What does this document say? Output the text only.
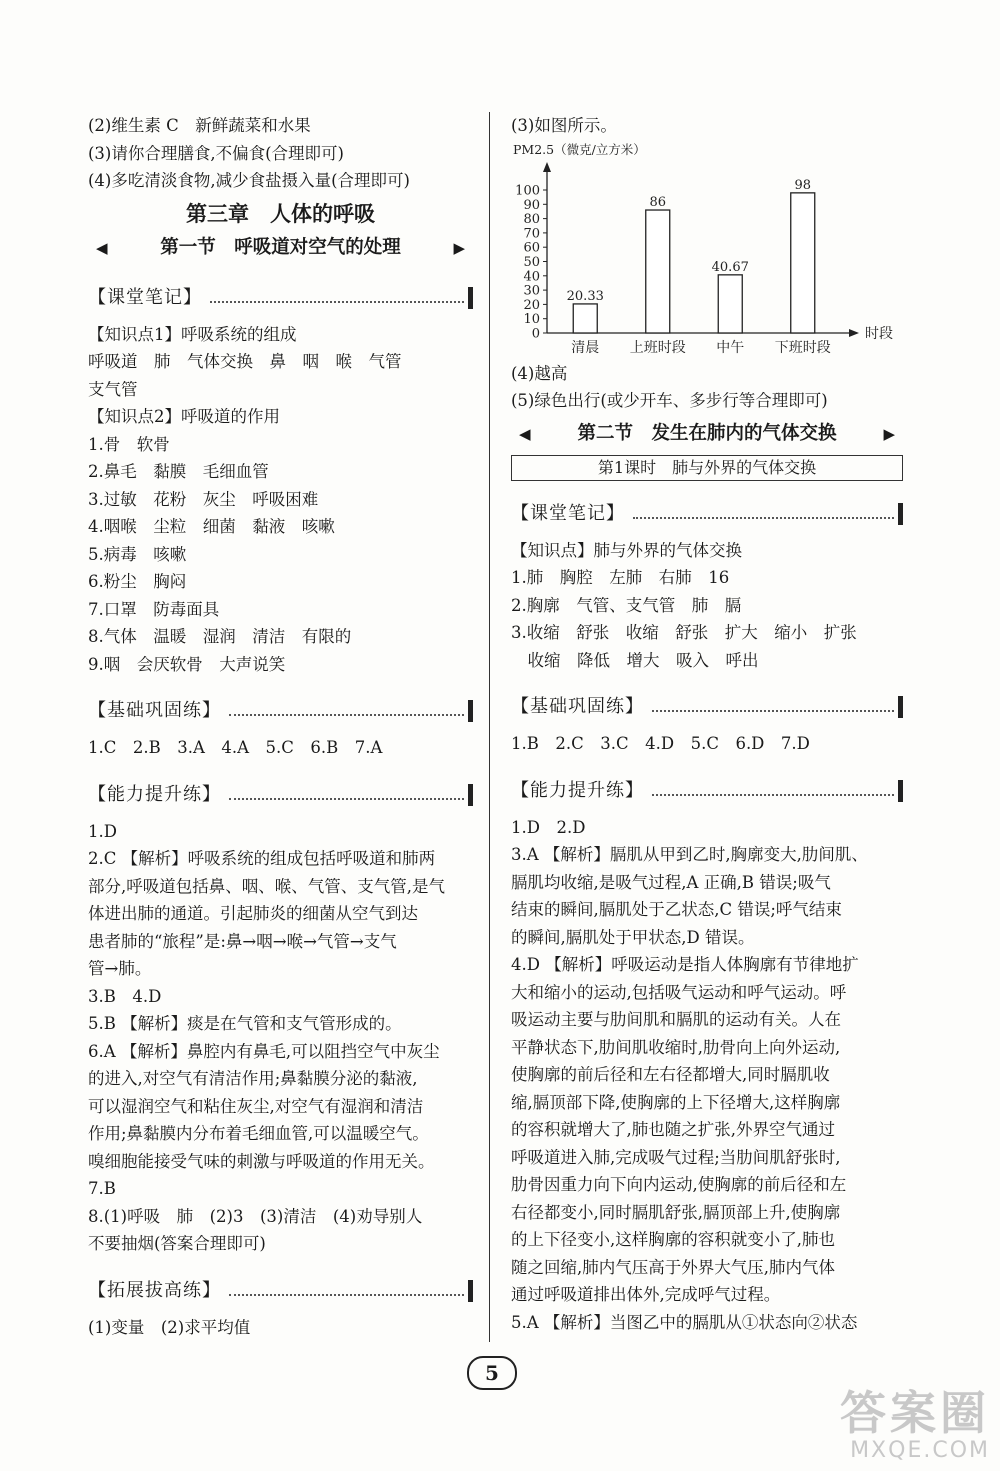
(2)维生素 C　新鲜蔬菜和水果
(3)请你合理膳食,不偏食(合理即可)
(4)多吃清淡食物,减少食盐摄入量(合理即可)
第三章　人体的呼吸
◀	第一节　呼吸道对空气的处理	▶
【课堂笔记】
【知识点1】呼吸系统的组成
呼吸道　肺　气体交换　鼻　咽　喉　气管
支气管
【知识点2】呼吸道的作用
1.骨　软骨
2.鼻毛　黏膜　毛细血管
3.过敏　花粉　灰尘　呼吸困难
4.咽喉　尘粒　细菌　黏液　咳嗽
5.病毒　咳嗽
6.粉尘　胸闷
7.口罩　防毒面具
8.气体　温暖　湿润　清洁　有限的
9.咽　会厌软骨　大声说笑
【基础巩固练】
1.C　2.B　3.A　4.A　5.C　6.B　7.A
【能力提升练】
1.D
2.C 【解析】呼吸系统的组成包括呼吸道和肺两
部分,呼吸道包括鼻、咽、喉、气管、支气管,是气
体进出肺的通道。引起肺炎的细菌从空气到达
患者肺的“旅程”是:鼻→咽→喉→气管→支气
管→肺。
3.B　4.D
5.B 【解析】痰是在气管和支气管形成的。
6.A 【解析】鼻腔内有鼻毛,可以阻挡空气中灰尘
的进入,对空气有清洁作用;鼻黏膜分泌的黏液,
可以湿润空气和粘住灰尘,对空气有湿润和清洁
作用;鼻黏膜内分布着毛细血管,可以温暖空气。
嗅细胞能接受气味的刺激与呼吸道的作用无关。
7.B
8.(1)呼吸　肺　(2)3　(3)清洁　(4)劝导别人
不要抽烟(答案合理即可)
【拓展拔高练】
(1)变量　(2)求平均值
(3)如图所示。
PM2.5（微克/立方米）
时段
0
10
20
30
40
50
60
70
80
90
100
20.33
清晨
86
上班时段
40.67
中午
98
下班时段
(4)越高
(5)绿色出行(或少开车、多步行等合理即可)
◀	第二节　发生在肺内的气体交换	▶
第1课时　肺与外界的气体交换
【课堂笔记】
【知识点】肺与外界的气体交换
1.肺　胸腔　左肺　右肺　16
2.胸廓　气管、支气管　肺　膈
3.收缩　舒张　收缩　舒张　扩大　缩小　扩张
　收缩　降低　增大　吸入　呼出
【基础巩固练】
1.B　2.C　3.C　4.D　5.C　6.D　7.D
【能力提升练】
1.D　2.D
3.A 【解析】膈肌从甲到乙时,胸廓变大,肋间肌、
膈肌均收缩,是吸气过程,A 正确,B 错误;吸气
结束的瞬间,膈肌处于乙状态,C 错误;呼气结束
的瞬间,膈肌处于甲状态,D 错误。
4.D 【解析】呼吸运动是指人体胸廓有节律地扩
大和缩小的运动,包括吸气运动和呼气运动。呼
吸运动主要与肋间肌和膈肌的运动有关。人在
平静状态下,肋间肌收缩时,肋骨向上向外运动,
使胸廓的前后径和左右径都增大,同时膈肌收
缩,膈顶部下降,使胸廓的上下径增大,这样胸廓
的容积就增大了,肺也随之扩张,外界空气通过
呼吸道进入肺,完成吸气过程;当肋间肌舒张时,
肋骨因重力向下向内运动,使胸廓的前后径和左
右径都变小,同时膈肌舒张,膈顶部上升,使胸廓
的上下径变小,这样胸廓的容积就变小了,肺也
随之回缩,肺内气压高于外界大气压,肺内气体
通过呼吸道排出体外,完成呼气过程。
5.A 【解析】当图乙中的膈肌从①状态向②状态
5
答案圈
MXQE.COM
